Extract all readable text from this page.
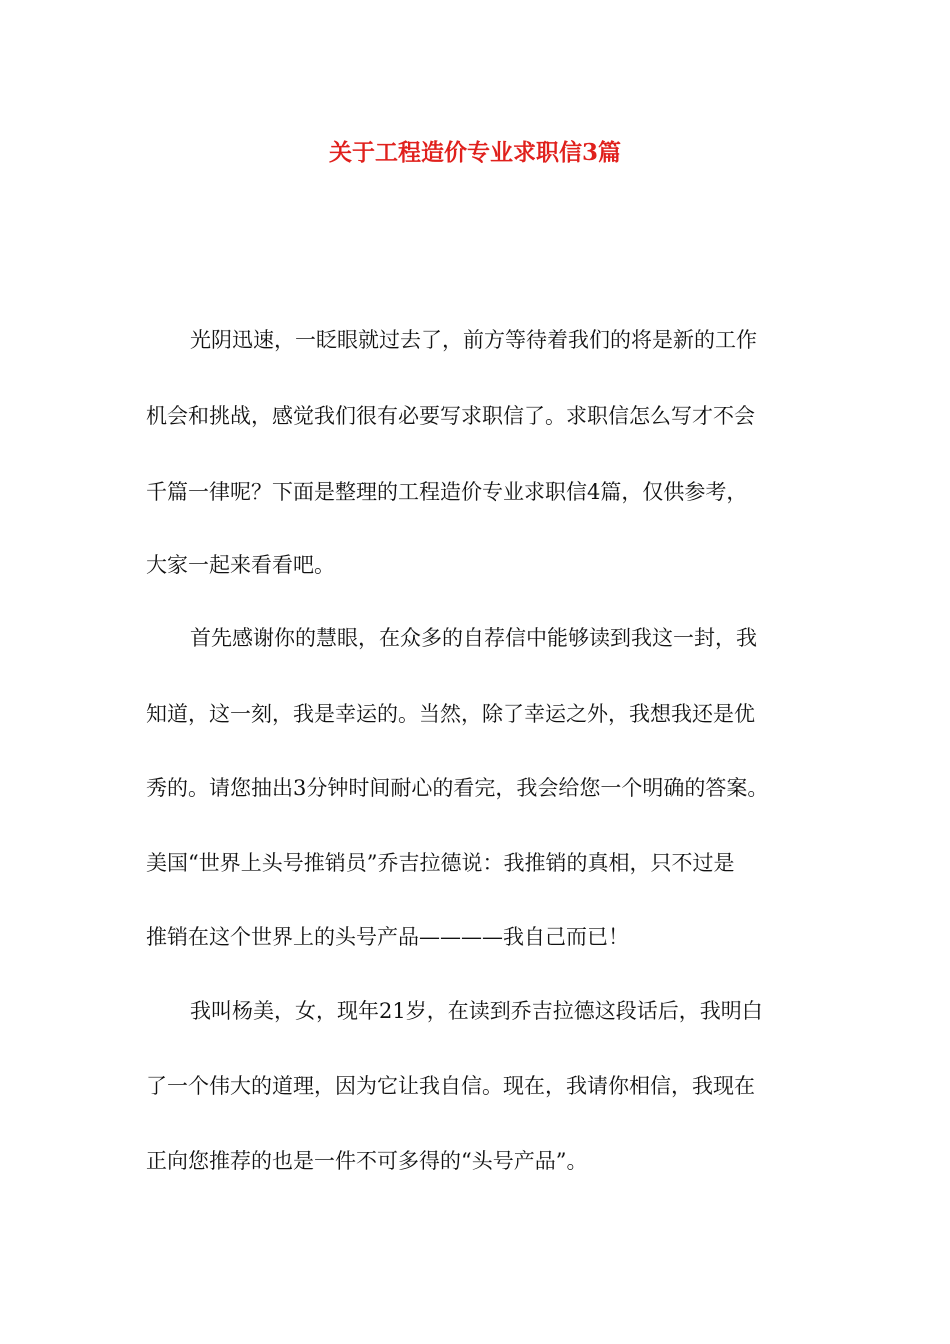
关于工程造价专业求职信3篇

光阴迅速，一眨眼就过去了，前方等待着我们的将是新的工作

机会和挑战，感觉我们很有必要写求职信了。求职信怎么写才不会

千篇一律呢？下面是整理的工程造价专业求职信4篇，仅供参考，

大家一起来看看吧。

首先感谢你的慧眼，在众多的自荐信中能够读到我这一封，我

知道，这一刻，我是幸运的。当然，除了幸运之外，我想我还是优

秀的。请您抽出3分钟时间耐心的看完，我会给您一个明确的答案。

美国“世界上头号推销员”乔吉拉德说：我推销的真相，只不过是

推销在这个世界上的头号产品————我自己而已！

我叫杨美，女，现年21岁，在读到乔吉拉德这段话后，我明白

了一个伟大的道理，因为它让我自信。现在，我请你相信，我现在

正向您推荐的也是一件不可多得的“头号产品”。
